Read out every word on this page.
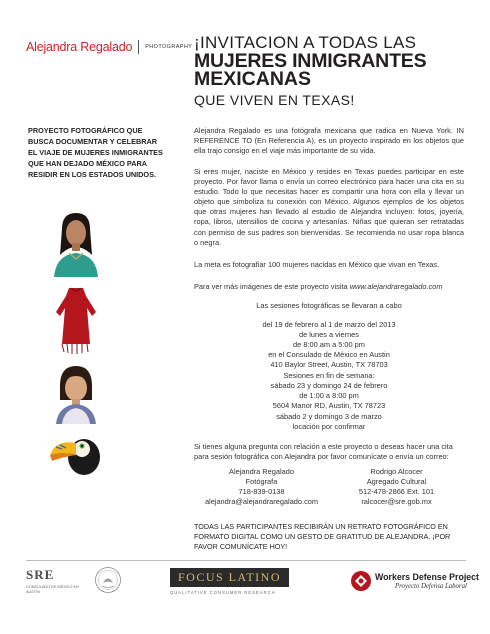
Alejandra Regalado PHOTOGRAPHY ¡INVITACION A TODAS LAS
MUJERES INMIGRANTES
MEXICANAS
QUE VIVEN EN TEXAS!
PROYECTO FOTOGRÁFICO QUE BUSCA DOCUMENTAR Y CELEBRAR EL VIAJE DE MUJERES INMIGRANTES QUE HAN DEJADO MÉXICO PARA RESIDIR EN LOS ESTADOS UNIDOS.

Alejandra Regalado es una fotógrafa mexicana que radica en Nueva York. IN REFERENCE TO (En Referencia A), es un proyecto inspirado en los objetos que ella trajo consigo en el viaje más importante de su vida.

Si eres mujer, naciste en México y resides en Texas puedes participar en este proyecto. Por favor llama o envía un correo electrónico para hacer una cita en su estudio. Todo lo que necesitas hacer es compartir una hora con ella y llevar un objeto que simboliza tu conexión con México. Algunos ejemplos de los objetos que otras mujeres han llevado al estudio de Alejandra incluyen: fotos, joyería, ropa, libros, utensilios de cocina y artesanías. Niñas que quieran ser retratadas con permiso de sus padres son bienvenidas. Se recomienda no usar ropa blanca o negra.

La meta es fotografiar 100 mujeres nacidas en México que vivan en Texas.

Para ver más imágenes de este proyecto visita www.alejandraregalado.com

Las sesiones fotográficas se llevaran a cabo
del 19 de febrero al 1 de marzo del 2013
de lunes a viernes
de 8:00 am a 5:00 pm
en el Consulado de México en Austin
410 Baylor Street, Austin, TX 78703
Sesiones en fin de semana:
sábado 23 y domingo 24 de febrero
de 1:00 a 8:00 pm
5604 Manor RD, Austin, TX 78723
sábado 2 y domingo 3 de marzo
locación por confirmar

Si tienes alguna pregunta con relación a este proyecto o deseas hacer una cita para sesión fotográfica con Alejandra por favor comunícate o envía un correo:

Alejandra Regalado
Fotógrafa
718-839-0138
alejandra@alejandraregalado.com
Rodrigo Alcocer
Agregado Cultural
512-478-2866 Ext. 101
ralcocer@sre.gob.mx
TODAS LAS PARTICIPANTES RECIBIRÁN UN RETRATO FOTOGRÁFICO EN FORMATO DIGITAL COMO UN GESTO DE GRATITUD DE ALEJANDRA. ¡POR FAVOR COMUNÍCATE HOY!
SRE
CONSULADO DE MÉXICO EN AUSTIN
FOCUS LATINO
QUALITATIVE CONSUMER RESEARCH
Workers Defense Project
Proyecto Defensa Laboral
